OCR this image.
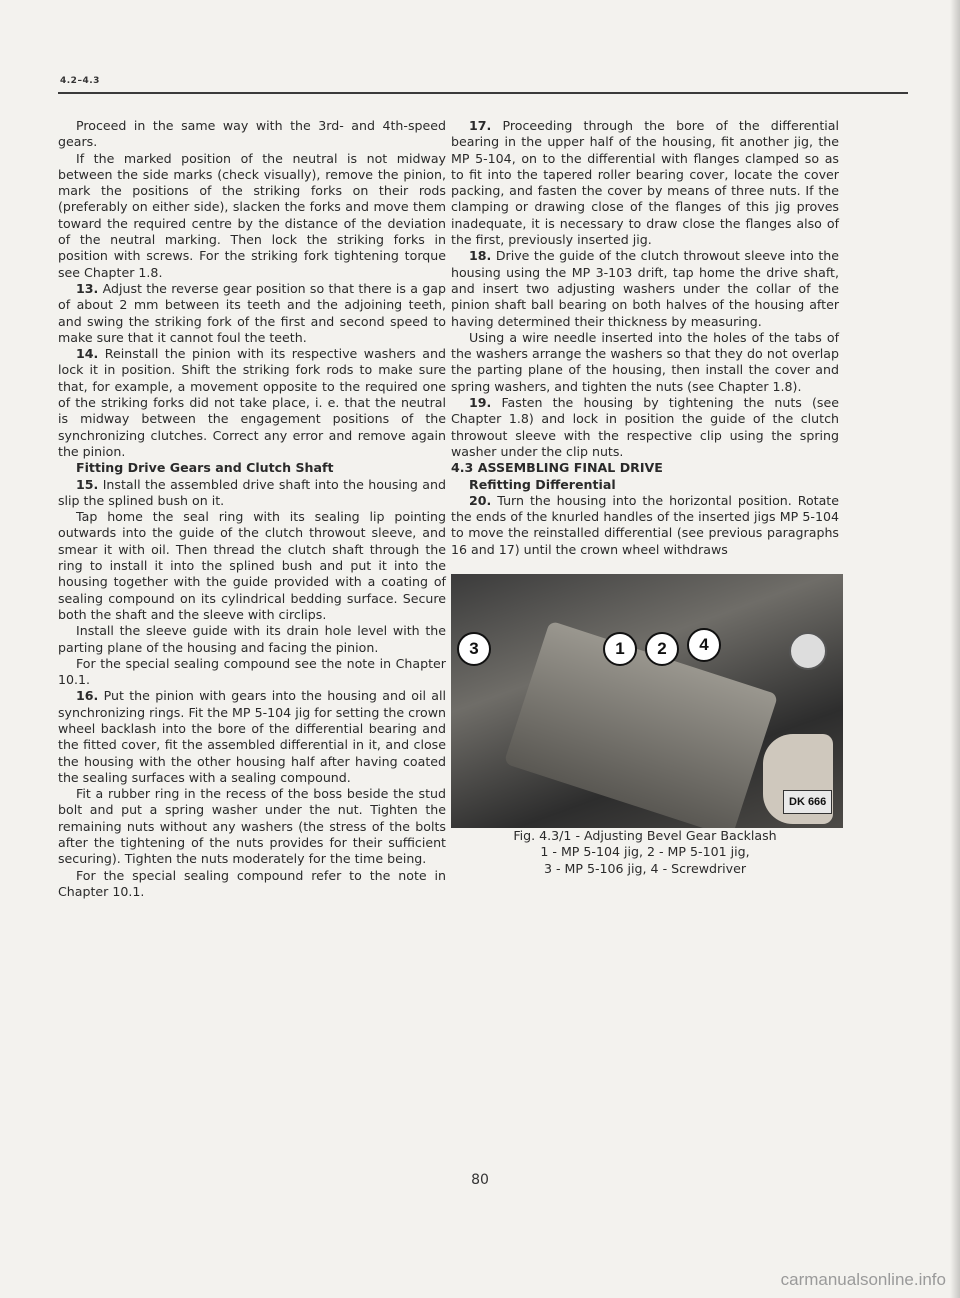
4.2–4.3

Proceed in the same way with the 3rd- and 4th-speed gears.

If the marked position of the neutral is not midway between the side marks (check visually), remove the pinion, mark the positions of the striking forks on their rods (preferably on either side), slacken the forks and move them toward the required centre by the distance of the deviation of the neutral marking. Then lock the striking forks in position with screws. For the striking fork tightening torque see Chapter 1.8.

13. Adjust the reverse gear position so that there is a gap of about 2 mm between its teeth and the adjoining teeth, and swing the striking fork of the first and second speed to make sure that it cannot foul the teeth.

14. Reinstall the pinion with its respective washers and lock it in position. Shift the striking fork rods to make sure that, for example, a movement opposite to the required one of the striking forks did not take place, i. e. that the neutral is midway between the engagement positions of the synchronizing clutches. Correct any error and remove again the pinion.

Fitting Drive Gears and Clutch Shaft

15. Install the assembled drive shaft into the housing and slip the splined bush on it.

Tap home the seal ring with its sealing lip pointing outwards into the guide of the clutch throwout sleeve, and smear it with oil. Then thread the clutch shaft through the ring to install it into the splined bush and put it into the housing together with the guide provided with a coating of sealing compound on its cylindrical bedding surface. Secure both the shaft and the sleeve with circlips.

Install the sleeve guide with its drain hole level with the parting plane of the housing and facing the pinion.

For the special sealing compound see the note in Chapter 10.1.

16. Put the pinion with gears into the housing and oil all synchronizing rings. Fit the MP 5-104 jig for setting the crown wheel backlash into the bore of the differential bearing and the fitted cover, fit the assembled differential in it, and close the housing with the other housing half after having coated the sealing surfaces with a sealing compound.

Fit a rubber ring in the recess of the boss beside the stud bolt and put a spring washer under the nut. Tighten the remaining nuts without any washers (the stress of the bolts after the tightening of the nuts provides for their sufficient securing). Tighten the nuts moderately for the time being.

For the special sealing compound refer to the note in Chapter 10.1.

17. Proceeding through the bore of the differential bearing in the upper half of the housing, fit another jig, the MP 5-104, on to the differential with flanges clamped so as to fit into the tapered roller bearing cover, locate the cover packing, and fasten the cover by means of three nuts. If the clamping or drawing close of the flanges of this jig proves inadequate, it is necessary to draw close the flanges also of the first, previously inserted jig.

18. Drive the guide of the clutch throwout sleeve into the housing using the MP 3-103 drift, tap home the drive shaft, and insert two adjusting washers under the collar of the pinion shaft ball bearing on both halves of the housing after having determined their thickness by measuring.

Using a wire needle inserted into the holes of the tabs of the washers arrange the washers so that they do not overlap the parting plane of the housing, then install the cover and spring washers, and tighten the nuts (see Chapter 1.8).

19. Fasten the housing by tightening the nuts (see Chapter 1.8) and lock in position the guide of the clutch throwout sleeve with the respective clip using the spring washer under the clip nuts.

4.3 ASSEMBLING FINAL DRIVE

Refitting Differential

20. Turn the housing into the horizontal position. Rotate the ends of the knurled handles of the inserted jigs MP 5-104 to move the reinstalled differential (see previous paragraphs 16 and 17) until the crown wheel withdraws

3	1	2	4
DK 666

Fig. 4.3/1 - Adjusting Bevel Gear Backlash

1 - MP 5-104 jig, 2 - MP 5-101 jig,

3 - MP 5-106 jig, 4 - Screwdriver

80
carmanualsonline.info
